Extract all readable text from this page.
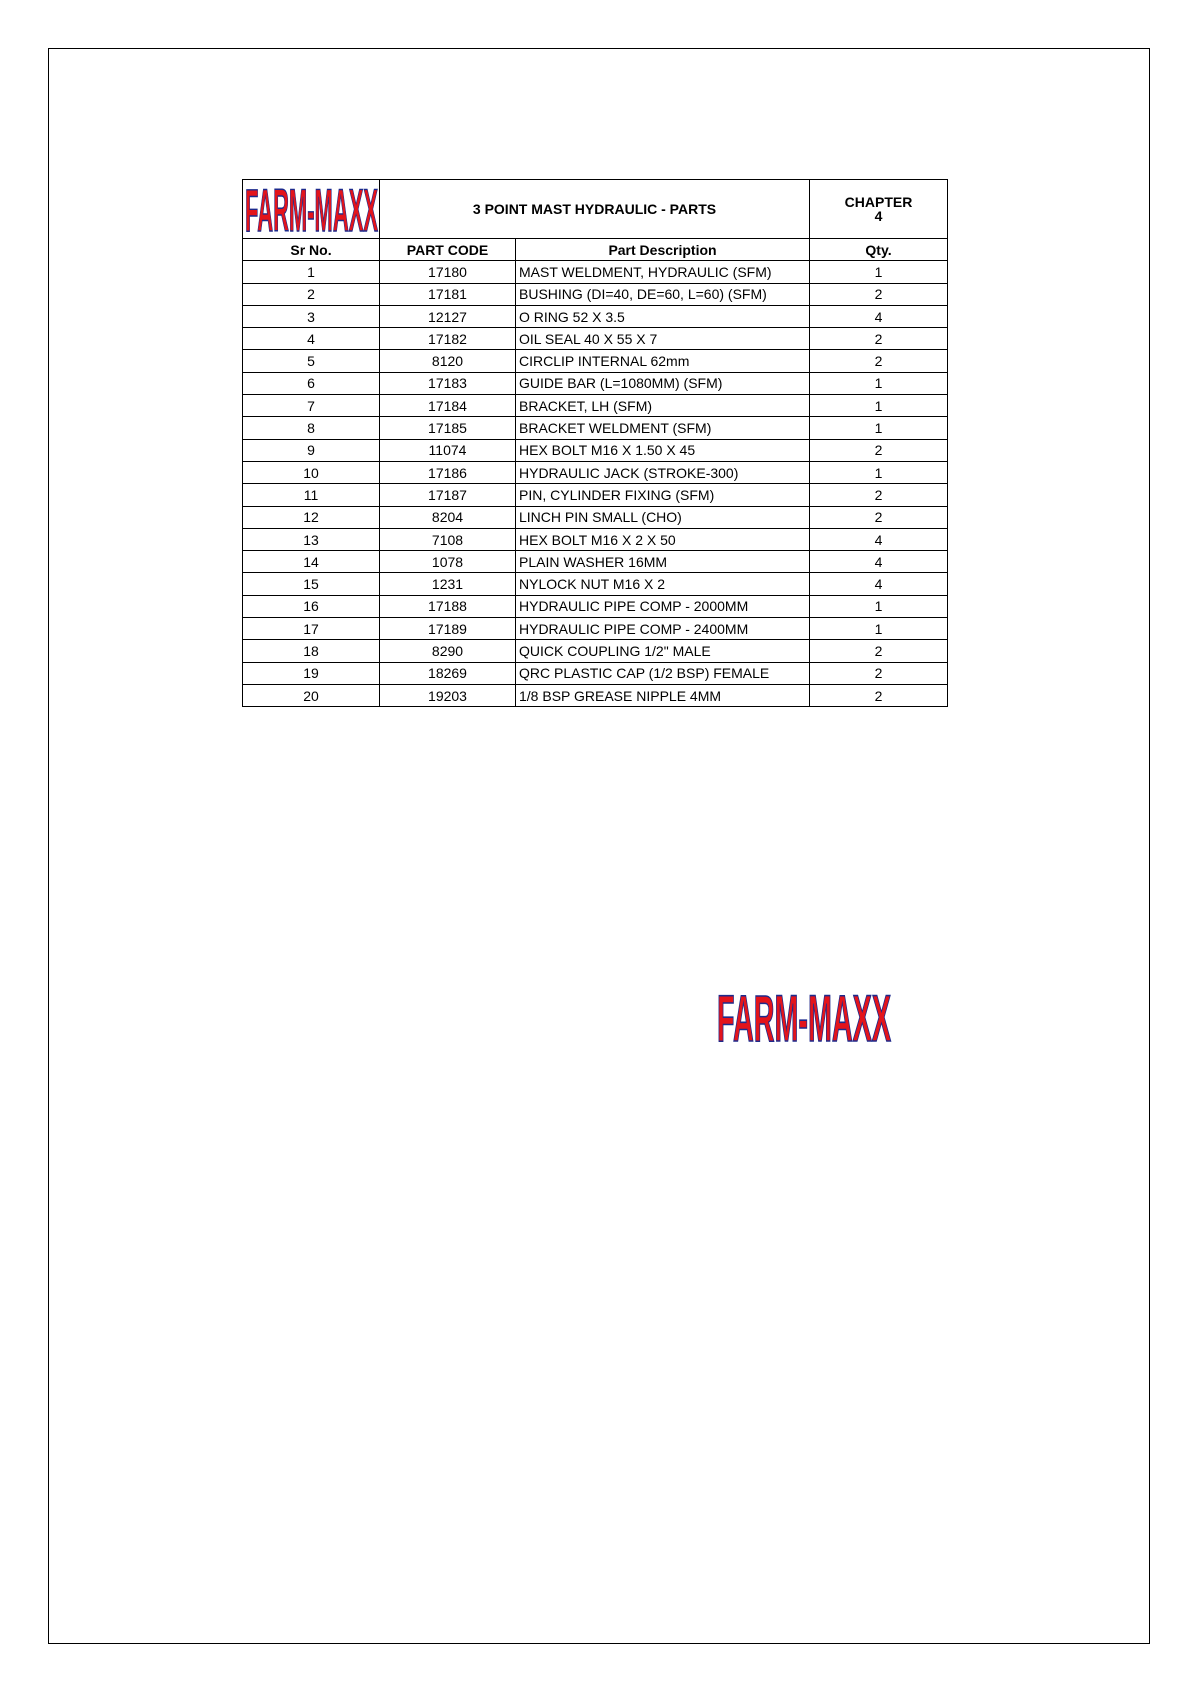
FARM-MAXX	3 POINT MAST HYDRAULIC - PARTS		CHAPTER
4

Sr No.	PART CODE	Part Description	Qty.
1	17180	MAST WELDMENT, HYDRAULIC (SFM)	1
2	17181	BUSHING (DI=40, DE=60, L=60) (SFM)	2
3	12127	O RING 52 X 3.5	4
4	17182	OIL SEAL 40 X 55 X 7	2
5	8120	CIRCLIP INTERNAL 62mm	2
6	17183	GUIDE BAR (L=1080MM) (SFM)	1
7	17184	BRACKET, LH (SFM)	1
8	17185	BRACKET WELDMENT (SFM)	1
9	11074	HEX BOLT M16 X 1.50 X 45	2
10	17186	HYDRAULIC JACK (STROKE-300)	1
11	17187	PIN, CYLINDER FIXING (SFM)	2
12	8204	LINCH PIN SMALL (CHO)	2
13	7108	HEX BOLT M16 X 2 X 50	4
14	1078	PLAIN WASHER 16MM	4
15	1231	NYLOCK NUT M16 X 2	4
16	17188	HYDRAULIC PIPE COMP - 2000MM	1
17	17189	HYDRAULIC PIPE COMP - 2400MM	1
18	8290	QUICK COUPLING 1/2" MALE	2
19	18269	QRC PLASTIC CAP (1/2 BSP) FEMALE	2
20	19203	1/8 BSP GREASE NIPPLE 4MM	2
FARM-MAXX
